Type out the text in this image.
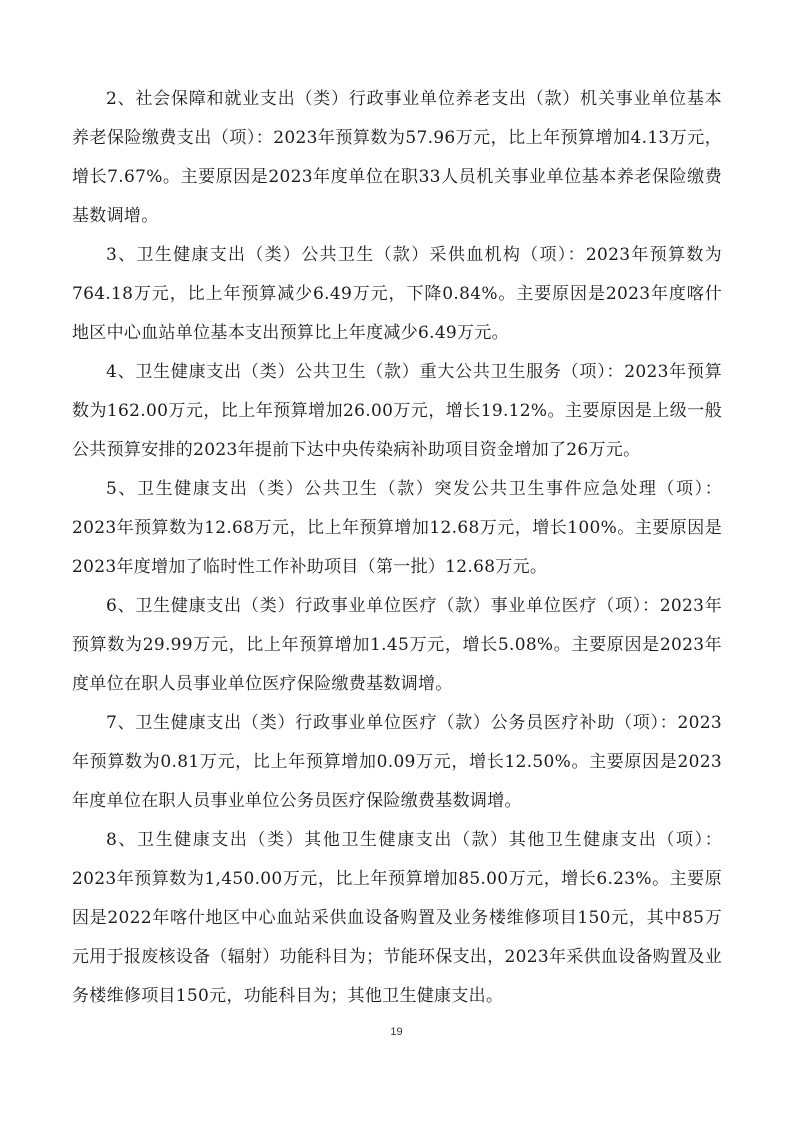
2、社会保障和就业支出（类）行政事业单位养老支出（款）机关事业单位基本养老保险缴费支出（项）：2023年预算数为57.96万元，比上年预算增加4.13万元，增长7.67%。主要原因是2023年度单位在职33人员机关事业单位基本养老保险缴费基数调增。

3、卫生健康支出（类）公共卫生（款）采供血机构（项）：2023年预算数为764.18万元，比上年预算减少6.49万元，下降0.84%。主要原因是2023年度喀什地区中心血站单位基本支出预算比上年度减少6.49万元。

4、卫生健康支出（类）公共卫生（款）重大公共卫生服务（项）：2023年预算数为162.00万元，比上年预算增加26.00万元，增长19.12%。主要原因是上级一般公共预算安排的2023年提前下达中央传染病补助项目资金增加了26万元。

5、卫生健康支出（类）公共卫生（款）突发公共卫生事件应急处理（项）：2023年预算数为12.68万元，比上年预算增加12.68万元，增长100%。主要原因是2023年度增加了临时性工作补助项目（第一批）12.68万元。

6、卫生健康支出（类）行政事业单位医疗（款）事业单位医疗（项）：2023年预算数为29.99万元，比上年预算增加1.45万元，增长5.08%。主要原因是2023年度单位在职人员事业单位医疗保险缴费基数调增。

7、卫生健康支出（类）行政事业单位医疗（款）公务员医疗补助（项）：2023年预算数为0.81万元，比上年预算增加0.09万元，增长12.50%。主要原因是2023年度单位在职人员事业单位公务员医疗保险缴费基数调增。

8、卫生健康支出（类）其他卫生健康支出（款）其他卫生健康支出（项）：2023年预算数为1,450.00万元，比上年预算增加85.00万元，增长6.23%。主要原因是2022年喀什地区中心血站采供血设备购置及业务楼维修项目150元，其中85万元用于报废核设备（辐射）功能科目为；节能环保支出，2023年采供血设备购置及业务楼维修项目150元，功能科目为；其他卫生健康支出。

19
